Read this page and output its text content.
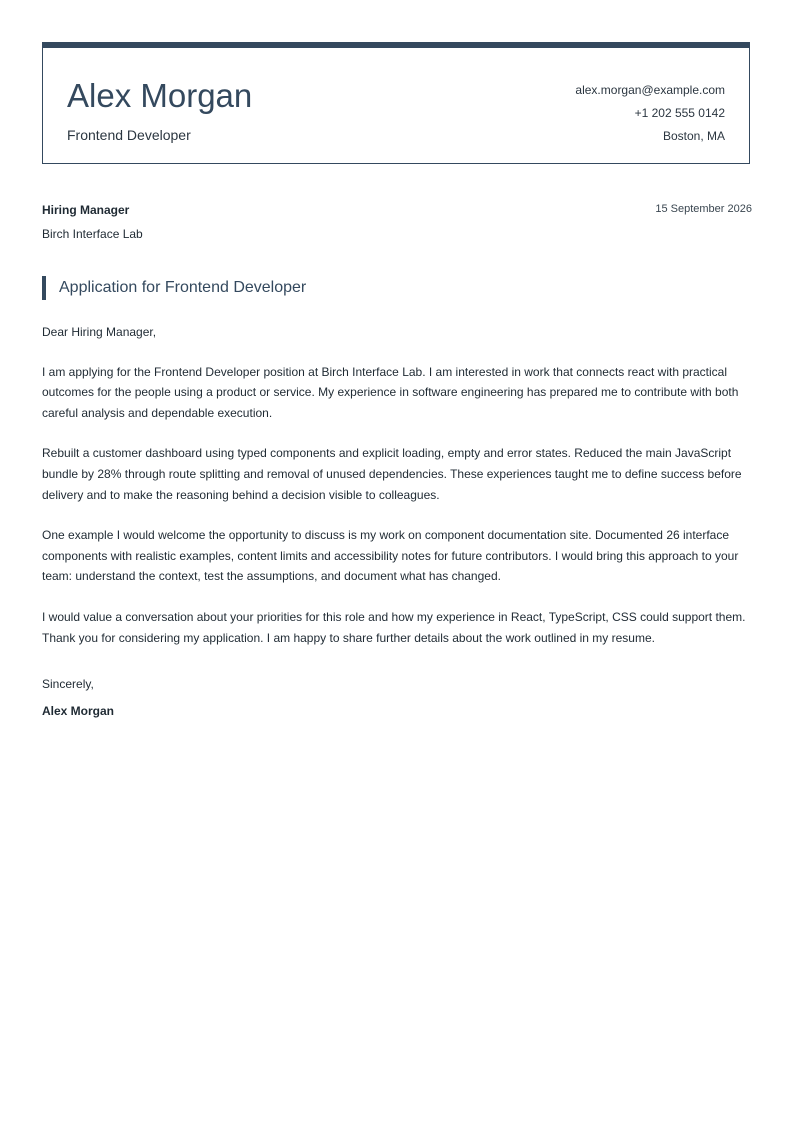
Alex Morgan
Frontend Developer
alex.morgan@example.com
+1 202 555 0142
Boston, MA
Hiring Manager
Birch Interface Lab
15 September 2026
Application for Frontend Developer

Dear Hiring Manager,

I am applying for the Frontend Developer position at Birch Interface Lab. I am interested in work that connects react with practical outcomes for the people using a product or service. My experience in software engineering has prepared me to contribute with both careful analysis and dependable execution.

Rebuilt a customer dashboard using typed components and explicit loading, empty and error states. Reduced the main JavaScript bundle by 28% through route splitting and removal of unused dependencies. These experiences taught me to define success before delivery and to make the reasoning behind a decision visible to colleagues.

One example I would welcome the opportunity to discuss is my work on component documentation site. Documented 26 interface components with realistic examples, content limits and accessibility notes for future contributors. I would bring this approach to your team: understand the context, test the assumptions, and document what has changed.

I would value a conversation about your priorities for this role and how my experience in React, TypeScript, CSS could support them. Thank you for considering my application. I am happy to share further details about the work outlined in my resume.

Sincerely,
Alex Morgan
